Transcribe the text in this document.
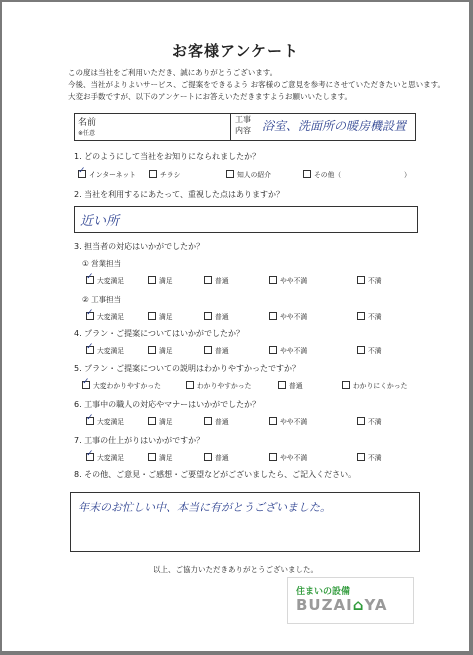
お客様アンケート
この度は当社をご利用いただき、誠にありがとうございます。
今後、当社がよりよいサービス、ご提案をできるよう お客様のご意見を参考にさせていただきたいと思います。
大変お手数ですが、以下のアンケートにお答えいただきますようお願いいたします。
名前
※任意
工事
内容 浴室、洗面所の暖房機設置
1. どのようにして当社をお知りになられましたか？
✓インターネット	チラシ	知人の紹介	その他（	）
2. 当社を利用するにあたって、重視した点はありますか？
近い所
3. 担当者の対応はいかがでしたか？
① 営業担当
② 工事担当
✓大変満足	満足	普通	やや不満	不満
✓大変満足	満足	普通	やや不満	不満
4. プラン・ご提案についてはいかがでしたか？
✓大変満足	満足	普通	やや不満	不満
5. プラン・ご提案についての説明はわかりやすかったですか？
✓大変わかりやすかった	わかりやすかった	普通	わかりにくかった
6. 工事中の職人の対応やマナーはいかがでしたか？
✓大変満足	満足	普通	やや不満	不満
7. 工事の仕上がりはいかがですか？
✓大変満足	満足	普通	やや不満	不満
8. その他、ご意見・ご感想・ご要望などがございましたら、ご記入ください。
年末のお忙しい中、本当に有がとうございました。
以上、ご協力いただきありがとうございました。
住まいの設備
BUZAI⌂YA
